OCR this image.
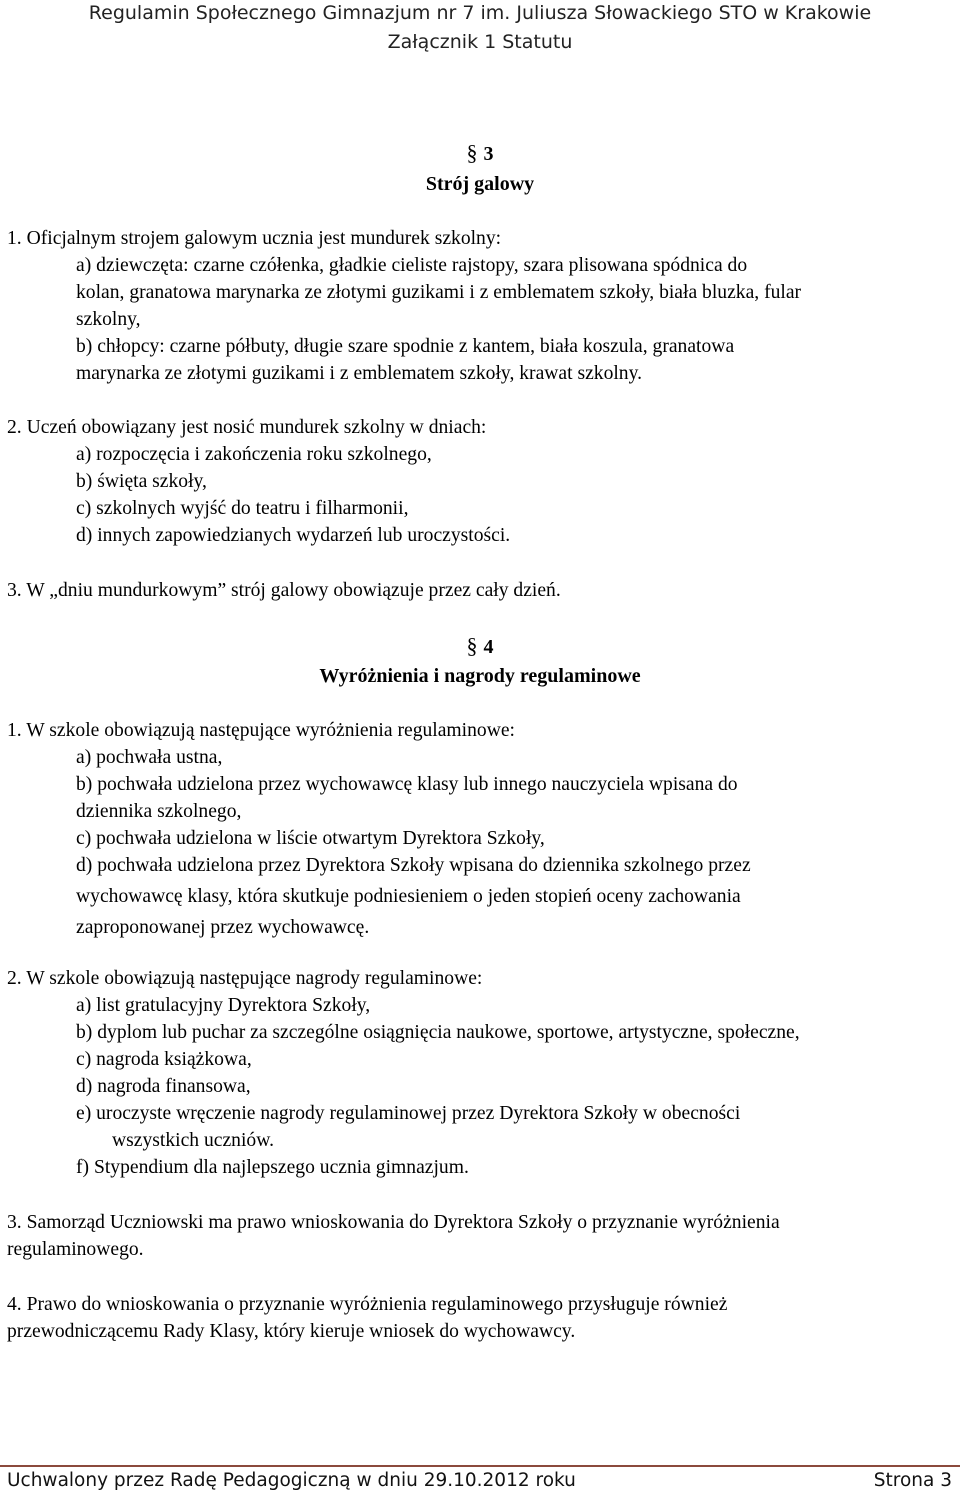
Regulamin Społecznego Gimnazjum nr 7 im. Juliusza Słowackiego STO w Krakowie
Załącznik 1 Statutu
§ 3
Strój galowy
1. Oficjalnym strojem galowym ucznia jest mundurek szkolny:
a) dziewczęta: czarne czółenka, gładkie cieliste rajstopy, szara plisowana spódnica do
kolan, granatowa marynarka ze złotymi guzikami i z emblematem szkoły, biała bluzka, fular
szkolny,
b) chłopcy: czarne półbuty, długie szare spodnie z kantem, biała koszula, granatowa
marynarka ze złotymi guzikami i z emblematem szkoły, krawat szkolny.
2. Uczeń obowiązany jest nosić mundurek szkolny w dniach:
a) rozpoczęcia i zakończenia roku szkolnego,
b) święta szkoły,
c) szkolnych wyjść do teatru i filharmonii,
d) innych zapowiedzianych wydarzeń lub uroczystości.
3. W „dniu mundurkowym” strój galowy obowiązuje przez cały dzień.
§ 4
Wyróżnienia i nagrody regulaminowe
1. W szkole obowiązują następujące wyróżnienia regulaminowe:
a) pochwała ustna,
b) pochwała udzielona przez wychowawcę klasy lub innego nauczyciela wpisana do
dziennika szkolnego,
c) pochwała udzielona w liście otwartym Dyrektora Szkoły,
d) pochwała udzielona przez Dyrektora Szkoły wpisana do dziennika szkolnego przez
wychowawcę klasy, która skutkuje podniesieniem o jeden stopień oceny zachowania
zaproponowanej przez wychowawcę.
2. W szkole obowiązują następujące nagrody regulaminowe:
a) list gratulacyjny Dyrektora Szkoły,
b) dyplom lub puchar za szczególne osiągnięcia naukowe, sportowe, artystyczne, społeczne,
c) nagroda książkowa,
d) nagroda finansowa,
e) uroczyste wręczenie nagrody regulaminowej przez Dyrektora Szkoły w obecności
wszystkich uczniów.
f) Stypendium dla najlepszego ucznia gimnazjum.
3. Samorząd Uczniowski ma prawo wnioskowania do Dyrektora Szkoły o przyznanie wyróżnienia
regulaminowego.
4. Prawo do wnioskowania o przyznanie wyróżnienia regulaminowego przysługuje również
przewodniczącemu Rady Klasy, który kieruje wniosek do wychowawcy.
Uchwalony przez Radę Pedagogiczną w dniu 29.10.2012 roku	Strona 3
